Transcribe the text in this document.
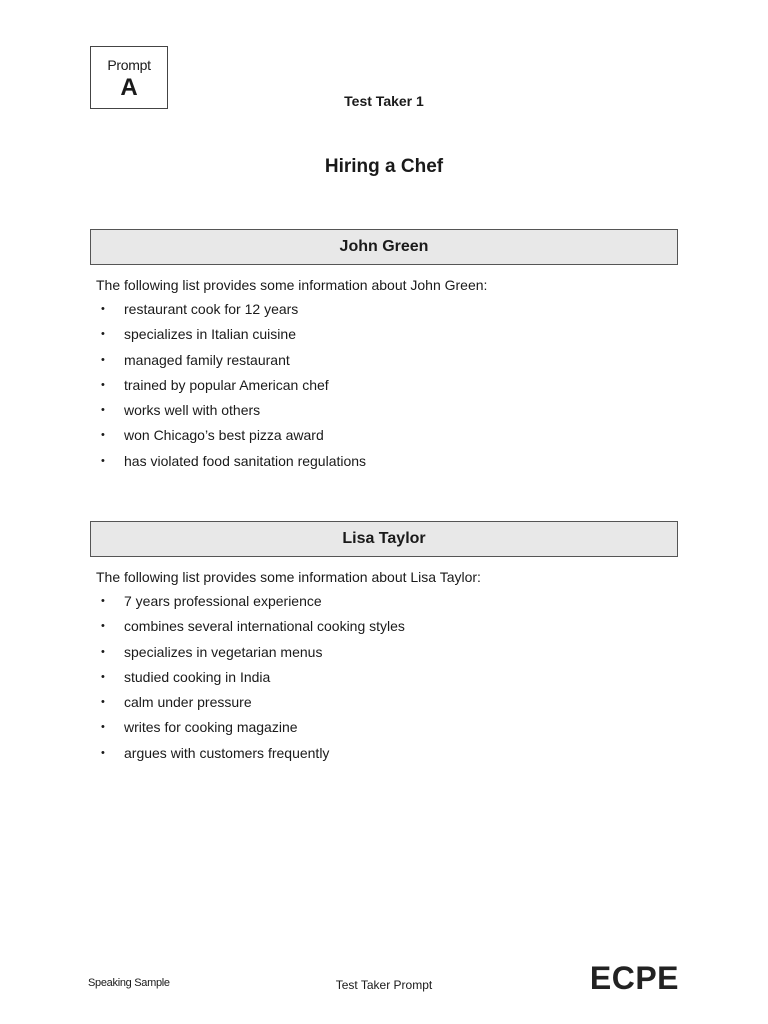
Prompt
A	Test Taker 1
Hiring a Chef
John Green
The following list provides some information about John Green:
• restaurant cook for 12 years
• specializes in Italian cuisine
• managed family restaurant
• trained by popular American chef
• works well with others
• won Chicago’s best pizza award
• has violated food sanitation regulations
Lisa Taylor
The following list provides some information about Lisa Taylor:
• 7 years professional experience
• combines several international cooking styles
• specializes in vegetarian menus
• studied cooking in India
• calm under pressure
• writes for cooking magazine
• argues with customers frequently
Speaking Sample	Test Taker Prompt	ECPE
